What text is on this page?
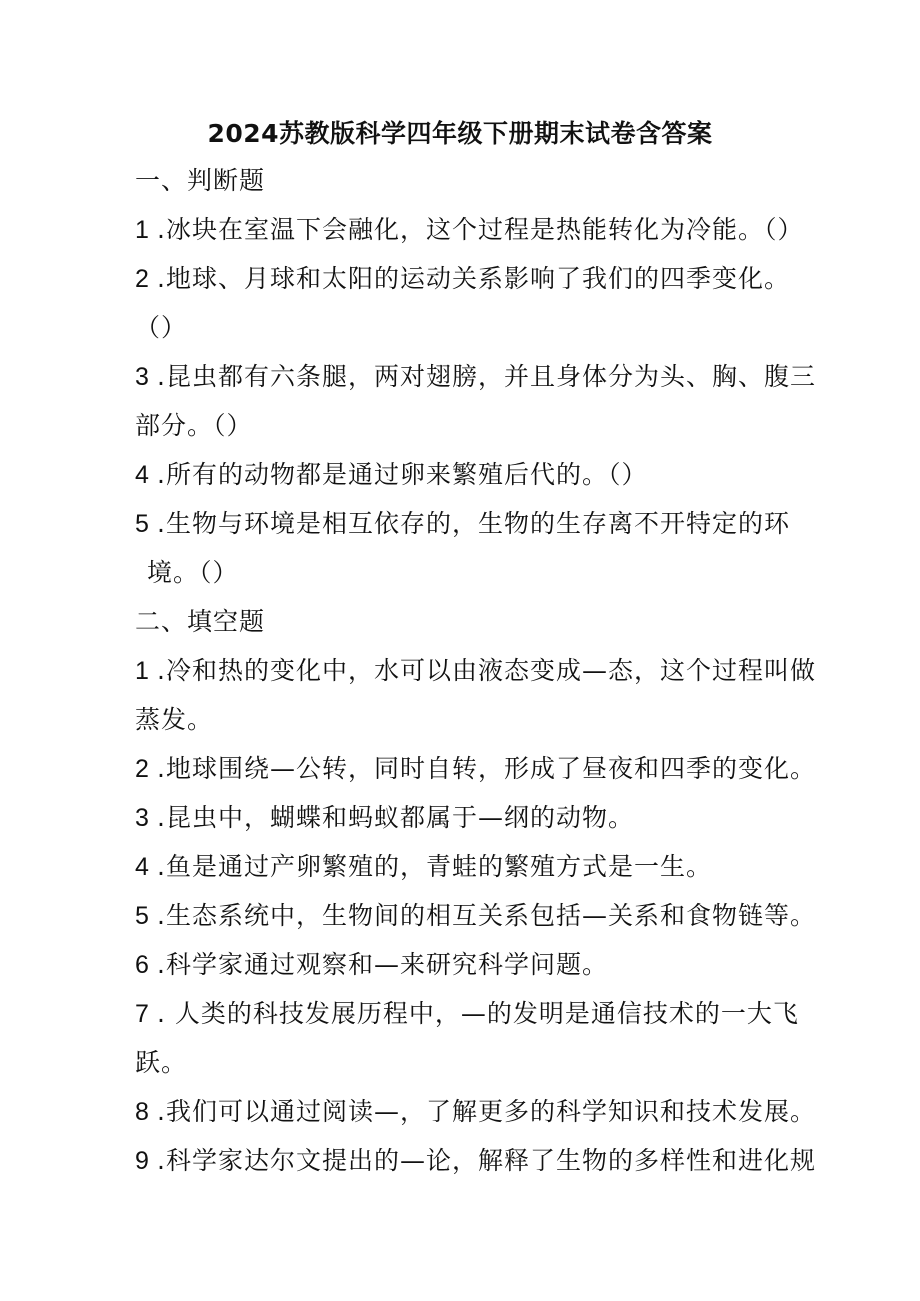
2024苏教版科学四年级下册期末试卷含答案
一、判断题
1 .冰块在室温下会融化，这个过程是热能转化为冷能。（）
2 .地球、月球和太阳的运动关系影响了我们的四季变化。
（）
3 .昆虫都有六条腿，两对翅膀，并且身体分为头、胸、腹三
部分。（）
4 .所有的动物都是通过卵来繁殖后代的。（）
5 .生物与环境是相互依存的，生物的生存离不开特定的环
境。（）
二、填空题
1 .冷和热的变化中，水可以由液态变成—态，这个过程叫做
蒸发。
2 .地球围绕—公转，同时自转，形成了昼夜和四季的变化。
3 .昆虫中，蝴蝶和蚂蚁都属于—纲的动物。
4 .鱼是通过产卵繁殖的，青蛙的繁殖方式是一生。
5 .生态系统中，生物间的相互关系包括—关系和食物链等。
6 .科学家通过观察和—来研究科学问题。
7 . 人类的科技发展历程中，—的发明是通信技术的一大飞
跃。
8 .我们可以通过阅读—，了解更多的科学知识和技术发展。
9 .科学家达尔文提出的—论，解释了生物的多样性和进化规
